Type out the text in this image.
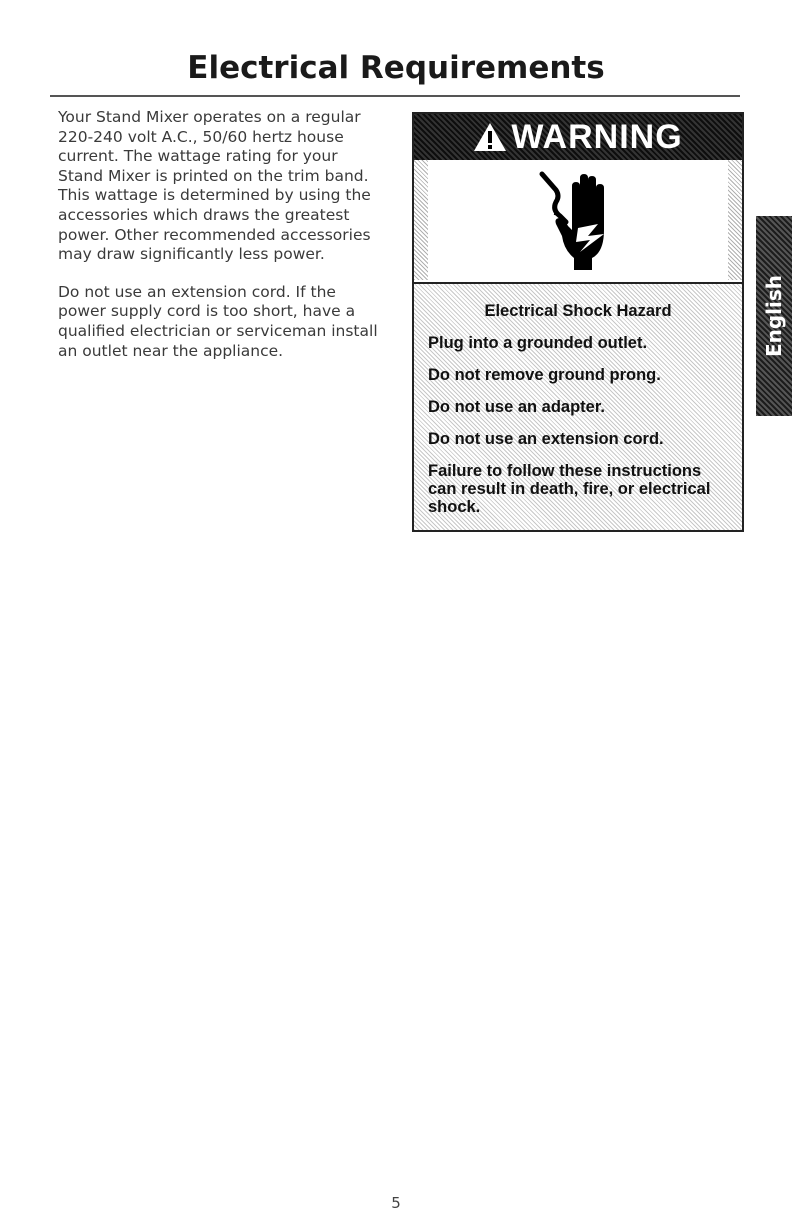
Electrical Requirements

Your Stand Mixer operates on a regular 220-240 volt A.C., 50/60 hertz house current. The wattage rating for your Stand Mixer is printed on the trim band. This wattage is determined by using the accessories which draws the greatest power. Other recommended accessories may draw significantly less power.

Do not use an extension cord. If the power supply cord is too short, have a qualified electrician or serviceman install an outlet near the appliance.

WARNING
Electrical Shock Hazard
Plug into a grounded outlet.
Do not remove ground prong.
Do not use an adapter.
Do not use an extension cord.
Failure to follow these instructions can result in death, fire, or electrical shock.
English
5
